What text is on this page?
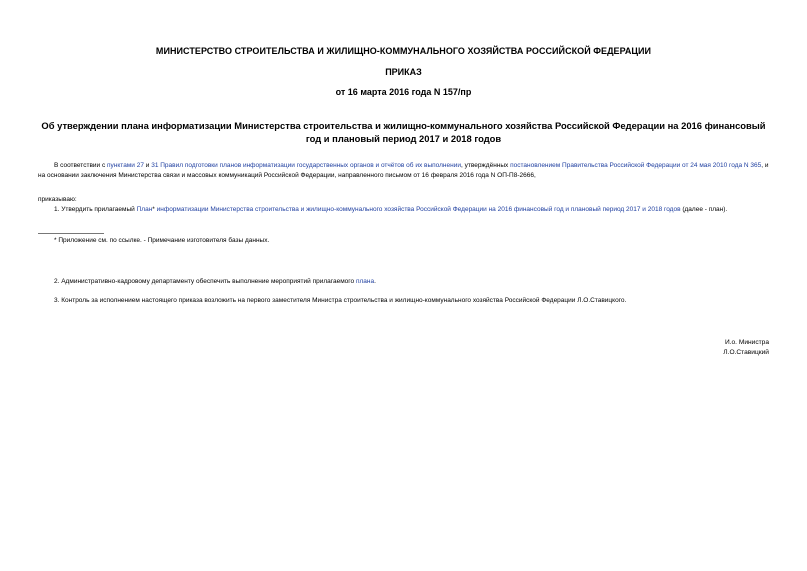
МИНИСТЕРСТВО СТРОИТЕЛЬСТВА И ЖИЛИЩНО-КОММУНАЛЬНОГО ХОЗЯЙСТВА РОССИЙСКОЙ ФЕДЕРАЦИИ
ПРИКАЗ
от 16 марта 2016 года N 157/пр
Об утверждении плана информатизации Министерства строительства и жилищно-коммунального хозяйства Российской Федерации на 2016 финансовый год и плановый период 2017 и 2018 годов
В соответствии с пунктами 27 и 31 Правил подготовки планов информатизации государственных органов и отчётов об их выполнении, утверждённых постановлением Правительства Российской Федерации от 24 мая 2010 года N 365, и на основании заключения Министерства связи и массовых коммуникаций Российской Федерации, направленного письмом от 16 февраля 2016 года N ОП-П8-2666,
приказываю:
1. Утвердить прилагаемый План* информатизации Министерства строительства и жилищно-коммунального хозяйства Российской Федерации на 2016 финансовый год и плановый период 2017 и 2018 годов (далее - план).
* Приложение см. по ссылке. - Примечание изготовителя базы данных.
2. Административно-кадровому департаменту обеспечить выполнение мероприятий прилагаемого плана.
3. Контроль за исполнением настоящего приказа возложить на первого заместителя Министра строительства и жилищно-коммунального хозяйства Российской Федерации Л.О.Ставицкого.
И.о. Министра
Л.О.Ставицкий
